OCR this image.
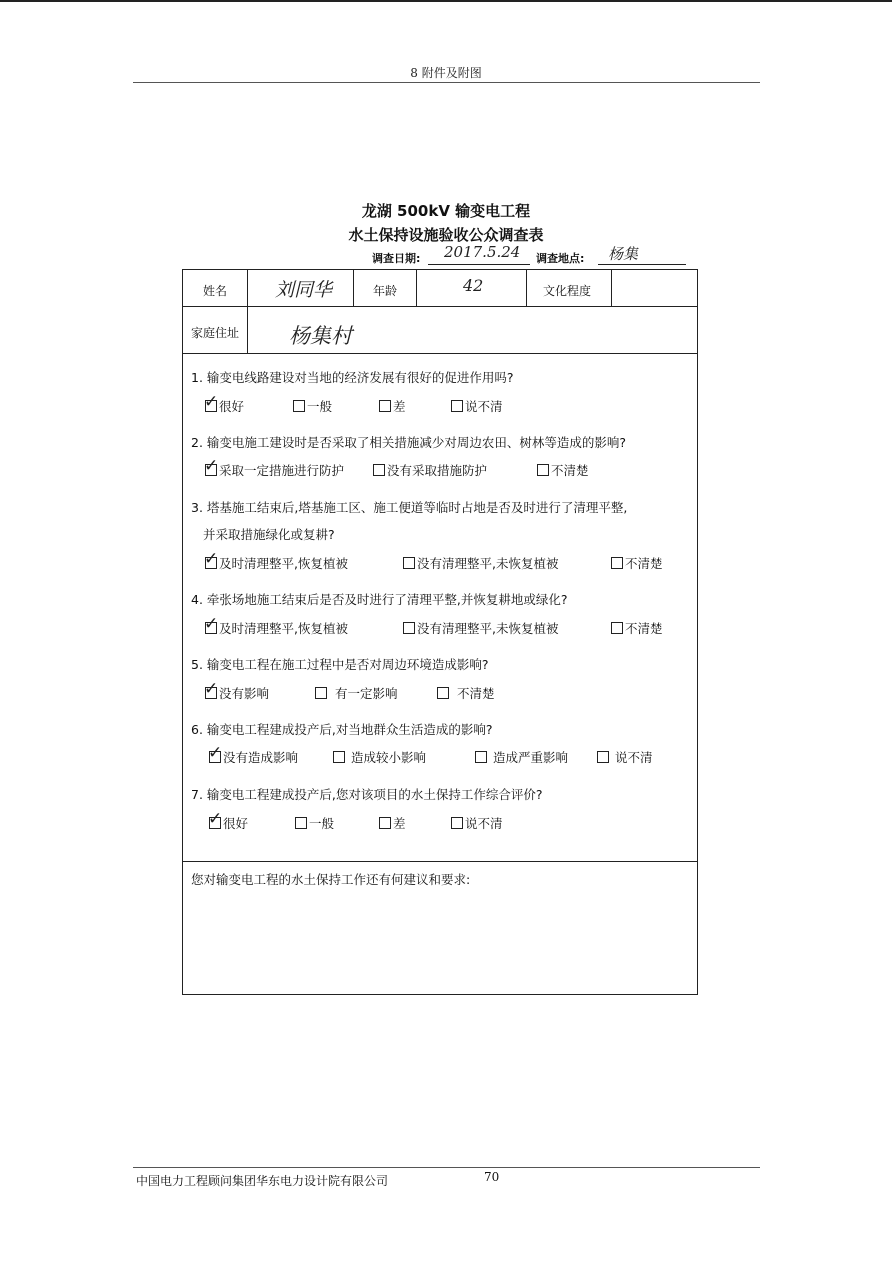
8 附件及附图
龙湖 500kV 输变电工程
水土保持设施验收公众调查表
调查日期: 2017.5.24 调查地点: 杨集
姓名	刘同华	年龄	42	文化程度
家庭住址 杨集村
1. 输变电线路建设对当地的经济发展有很好的促进作用吗?
✓ 很好	一般	差	说不清
2. 输变电施工建设时是否采取了相关措施减少对周边农田、树林等造成的影响?
✓ 采取一定措施进行防护	没有采取措施防护	不清楚
3. 塔基施工结束后,塔基施工区、施工便道等临时占地是否及时进行了清理平整,
并采取措施绿化或复耕?
✓ 及时清理整平,恢复植被	没有清理整平,未恢复植被	不清楚
4. 牵张场地施工结束后是否及时进行了清理平整,并恢复耕地或绿化?
✓ 及时清理整平,恢复植被	没有清理整平,未恢复植被	不清楚
5. 输变电工程在施工过程中是否对周边环境造成影响?
✓ 没有影响	有一定影响	不清楚
6. 输变电工程建成投产后,对当地群众生活造成的影响?
✓ 没有造成影响	造成较小影响	造成严重影响	说不清
7. 输变电工程建成投产后,您对该项目的水土保持工作综合评价?
✓ 很好	一般	差	说不清
您对输变电工程的水土保持工作还有何建议和要求:
中国电力工程顾问集团华东电力设计院有限公司	70
